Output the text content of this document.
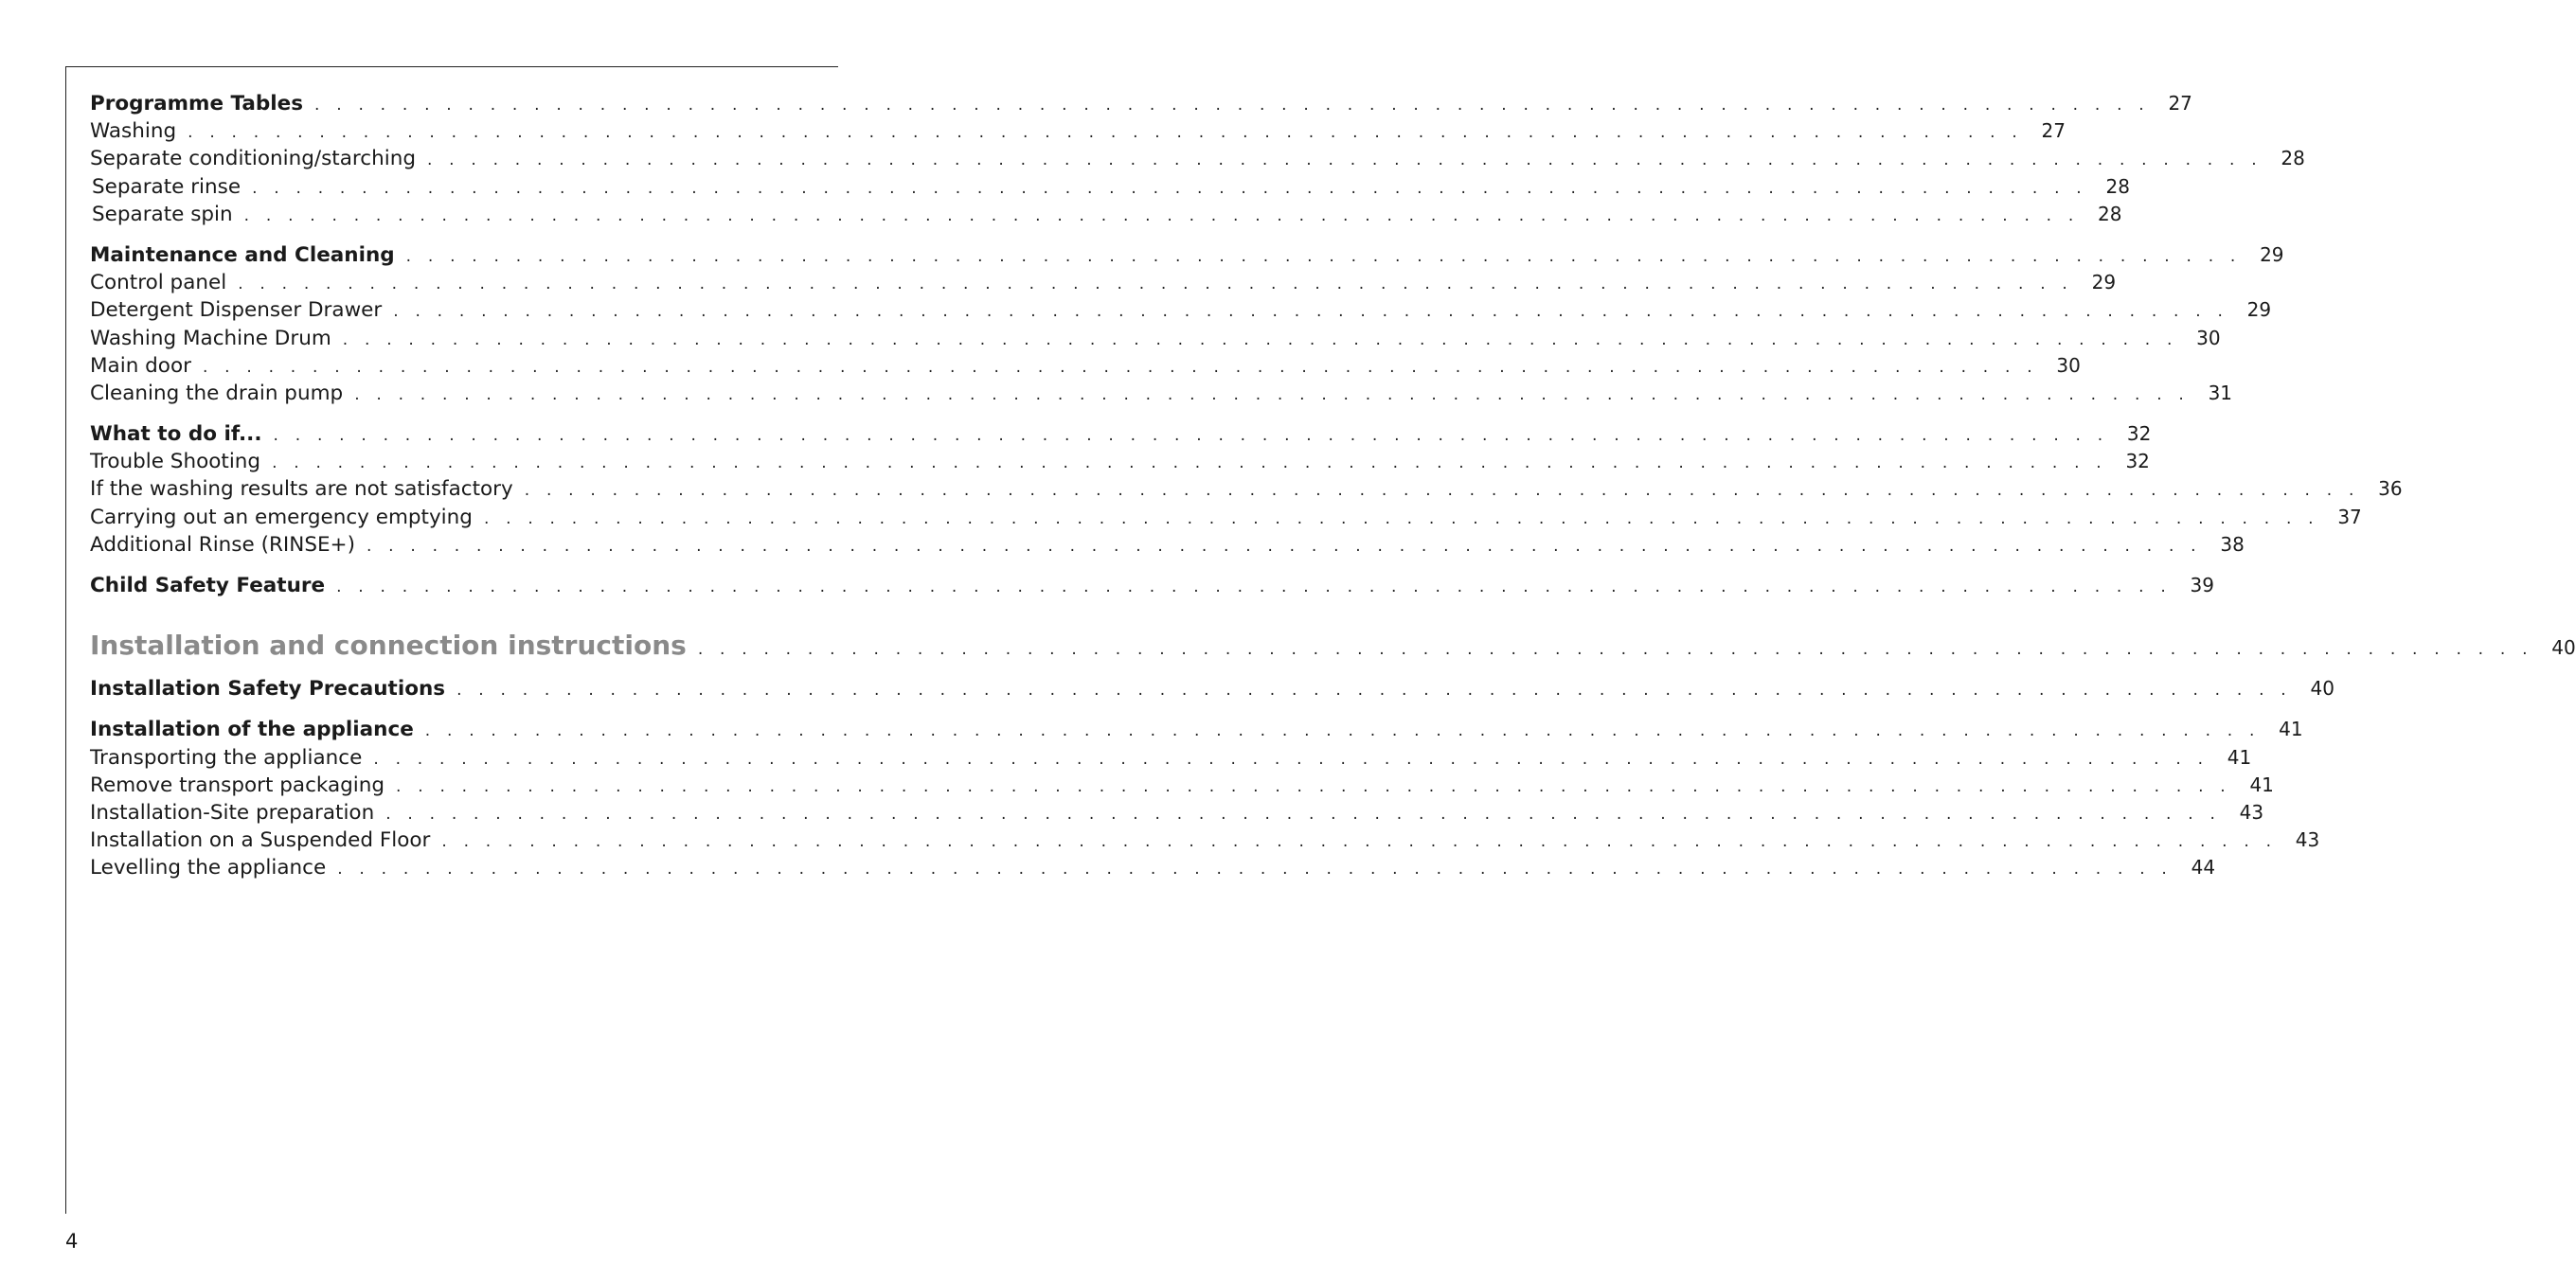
Programme Tables . . . . . . . . . . . . . . . . . . . . . . . . . . . . . . . . . . . . . . . . . . . . . . . . . . . . . . . . . . . . . . . . . . . . . . . . . . . . . . . . . . . . 27
Washing . . . . . . . . . . . . . . . . . . . . . . . . . . . . . . . . . . . . . . . . . . . . . . . . . . . . . . . . . . . . . . . . . . . . . . . . . . . . . . . . . . . . 27
Separate conditioning/starching . . . . . . . . . . . . . . . . . . . . . . . . . . . . . . . . . . . . . . . . . . . . . . . . . . . . . . . . . . . . . . . . . . . . . . . . . . . . . . . . . . . . 28
Separate rinse . . . . . . . . . . . . . . . . . . . . . . . . . . . . . . . . . . . . . . . . . . . . . . . . . . . . . . . . . . . . . . . . . . . . . . . . . . . . . . . . . . . . 28
Separate spin . . . . . . . . . . . . . . . . . . . . . . . . . . . . . . . . . . . . . . . . . . . . . . . . . . . . . . . . . . . . . . . . . . . . . . . . . . . . . . . . . . . . 28
Maintenance and Cleaning . . . . . . . . . . . . . . . . . . . . . . . . . . . . . . . . . . . . . . . . . . . . . . . . . . . . . . . . . . . . . . . . . . . . . . . . . . . . . . . . . . . . 29
Control panel . . . . . . . . . . . . . . . . . . . . . . . . . . . . . . . . . . . . . . . . . . . . . . . . . . . . . . . . . . . . . . . . . . . . . . . . . . . . . . . . . . . . 29
Detergent Dispenser Drawer . . . . . . . . . . . . . . . . . . . . . . . . . . . . . . . . . . . . . . . . . . . . . . . . . . . . . . . . . . . . . . . . . . . . . . . . . . . . . . . . . . . . 29
Washing Machine Drum . . . . . . . . . . . . . . . . . . . . . . . . . . . . . . . . . . . . . . . . . . . . . . . . . . . . . . . . . . . . . . . . . . . . . . . . . . . . . . . . . . . . 30
Main door . . . . . . . . . . . . . . . . . . . . . . . . . . . . . . . . . . . . . . . . . . . . . . . . . . . . . . . . . . . . . . . . . . . . . . . . . . . . . . . . . . . . 30
Cleaning the drain pump . . . . . . . . . . . . . . . . . . . . . . . . . . . . . . . . . . . . . . . . . . . . . . . . . . . . . . . . . . . . . . . . . . . . . . . . . . . . . . . . . . . . 31
What to do if... . . . . . . . . . . . . . . . . . . . . . . . . . . . . . . . . . . . . . . . . . . . . . . . . . . . . . . . . . . . . . . . . . . . . . . . . . . . . . . . . . . . . 32
Trouble Shooting . . . . . . . . . . . . . . . . . . . . . . . . . . . . . . . . . . . . . . . . . . . . . . . . . . . . . . . . . . . . . . . . . . . . . . . . . . . . . . . . . . . . 32
If the washing results are not satisfactory . . . . . . . . . . . . . . . . . . . . . . . . . . . . . . . . . . . . . . . . . . . . . . . . . . . . . . . . . . . . . . . . . . . . . . . . . . . . . . . . . . . . 36
Carrying out an emergency emptying . . . . . . . . . . . . . . . . . . . . . . . . . . . . . . . . . . . . . . . . . . . . . . . . . . . . . . . . . . . . . . . . . . . . . . . . . . . . . . . . . . . . 37
Additional Rinse (RINSE+) . . . . . . . . . . . . . . . . . . . . . . . . . . . . . . . . . . . . . . . . . . . . . . . . . . . . . . . . . . . . . . . . . . . . . . . . . . . . . . . . . . . . 38
Child Safety Feature . . . . . . . . . . . . . . . . . . . . . . . . . . . . . . . . . . . . . . . . . . . . . . . . . . . . . . . . . . . . . . . . . . . . . . . . . . . . . . . . . . . . 39
Installation and connection instructions . . . . . . . . . . . . . . . . . . . . . . . . . . . . . . . . . . . . . . . . . . . . . . . . . . . . . . . . . . . . . . . . . . . . . . . . . . . . . . . . . . . . 40
Installation Safety Precautions . . . . . . . . . . . . . . . . . . . . . . . . . . . . . . . . . . . . . . . . . . . . . . . . . . . . . . . . . . . . . . . . . . . . . . . . . . . . . . . . . . . . 40
Installation of the appliance . . . . . . . . . . . . . . . . . . . . . . . . . . . . . . . . . . . . . . . . . . . . . . . . . . . . . . . . . . . . . . . . . . . . . . . . . . . . . . . . . . . . 41
Transporting the appliance . . . . . . . . . . . . . . . . . . . . . . . . . . . . . . . . . . . . . . . . . . . . . . . . . . . . . . . . . . . . . . . . . . . . . . . . . . . . . . . . . . . . 41
Remove transport packaging . . . . . . . . . . . . . . . . . . . . . . . . . . . . . . . . . . . . . . . . . . . . . . . . . . . . . . . . . . . . . . . . . . . . . . . . . . . . . . . . . . . . 41
Installation-Site preparation . . . . . . . . . . . . . . . . . . . . . . . . . . . . . . . . . . . . . . . . . . . . . . . . . . . . . . . . . . . . . . . . . . . . . . . . . . . . . . . . . . . . 43
Installation on a Suspended Floor . . . . . . . . . . . . . . . . . . . . . . . . . . . . . . . . . . . . . . . . . . . . . . . . . . . . . . . . . . . . . . . . . . . . . . . . . . . . . . . . . . . . 43
Levelling the appliance . . . . . . . . . . . . . . . . . . . . . . . . . . . . . . . . . . . . . . . . . . . . . . . . . . . . . . . . . . . . . . . . . . . . . . . . . . . . . . . . . . . . 44
4
